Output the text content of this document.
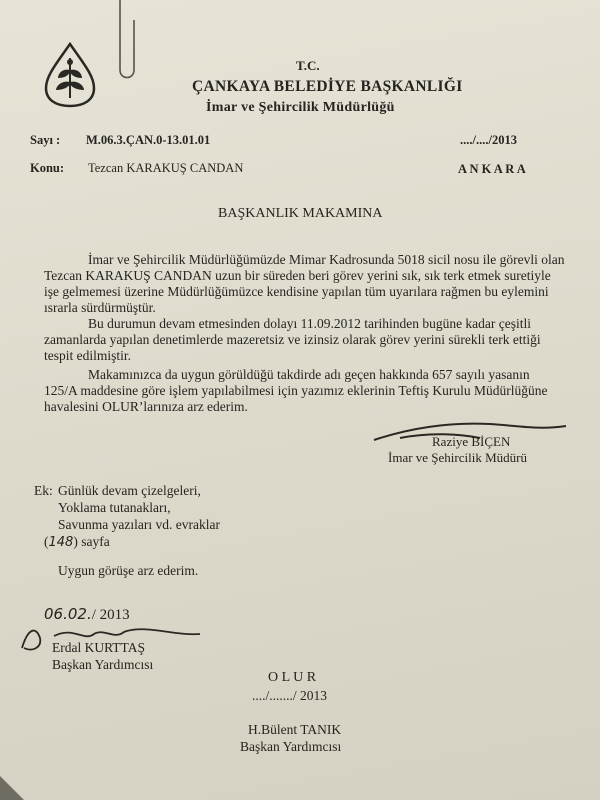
T.C.
ÇANKAYA BELEDİYE BAŞKANLIĞI
İmar ve Şehircilik Müdürlüğü
Sayı : M.06.3.ÇAN.0-13.01.01	..../..../2013
Konu: Tezcan KARAKUŞ CANDAN	A N K A R A
BAŞKANLIK MAKAMINA
İmar ve Şehircilik Müdürlüğümüzde Mimar Kadrosunda 5018 sicil nosu ile görevli olan
Tezcan KARAKUŞ CANDAN uzun bir süreden beri görev yerini sık, sık terk etmek suretiyle
işe gelmemesi üzerine Müdürlüğümüzce kendisine yapılan tüm uyarılara rağmen bu eylemini
ısrarla sürdürmüştür.
Bu durumun devam etmesinden dolayı 11.09.2012 tarihinden bugüne kadar çeşitli
zamanlarda yapılan denetimlerde mazeretsiz ve izinsiz olarak görev yerini sürekli terk ettiği
tespit edilmiştir.
Makamınızca da uygun görüldüğü takdirde adı geçen hakkında 657 sayılı yasanın
125/A maddesine göre işlem yapılabilmesi için yazımız eklerinin Teftiş Kurulu Müdürlüğüne
havalesini OLUR’larınıza arz ederim.
Raziye BİÇEN
İmar ve Şehircilik Müdürü
Ek: Günlük devam çizelgeleri,
Yoklama tutanakları,
Savunma yazıları vd. evraklar
(148) sayfa
Uygun görüşe arz ederim.
06.02./ 2013
Erdal KURTTAŞ
Başkan Yardımcısı
O L U R
..../......./ 2013
H.Bülent TANIK
Başkan Yardımcısı
